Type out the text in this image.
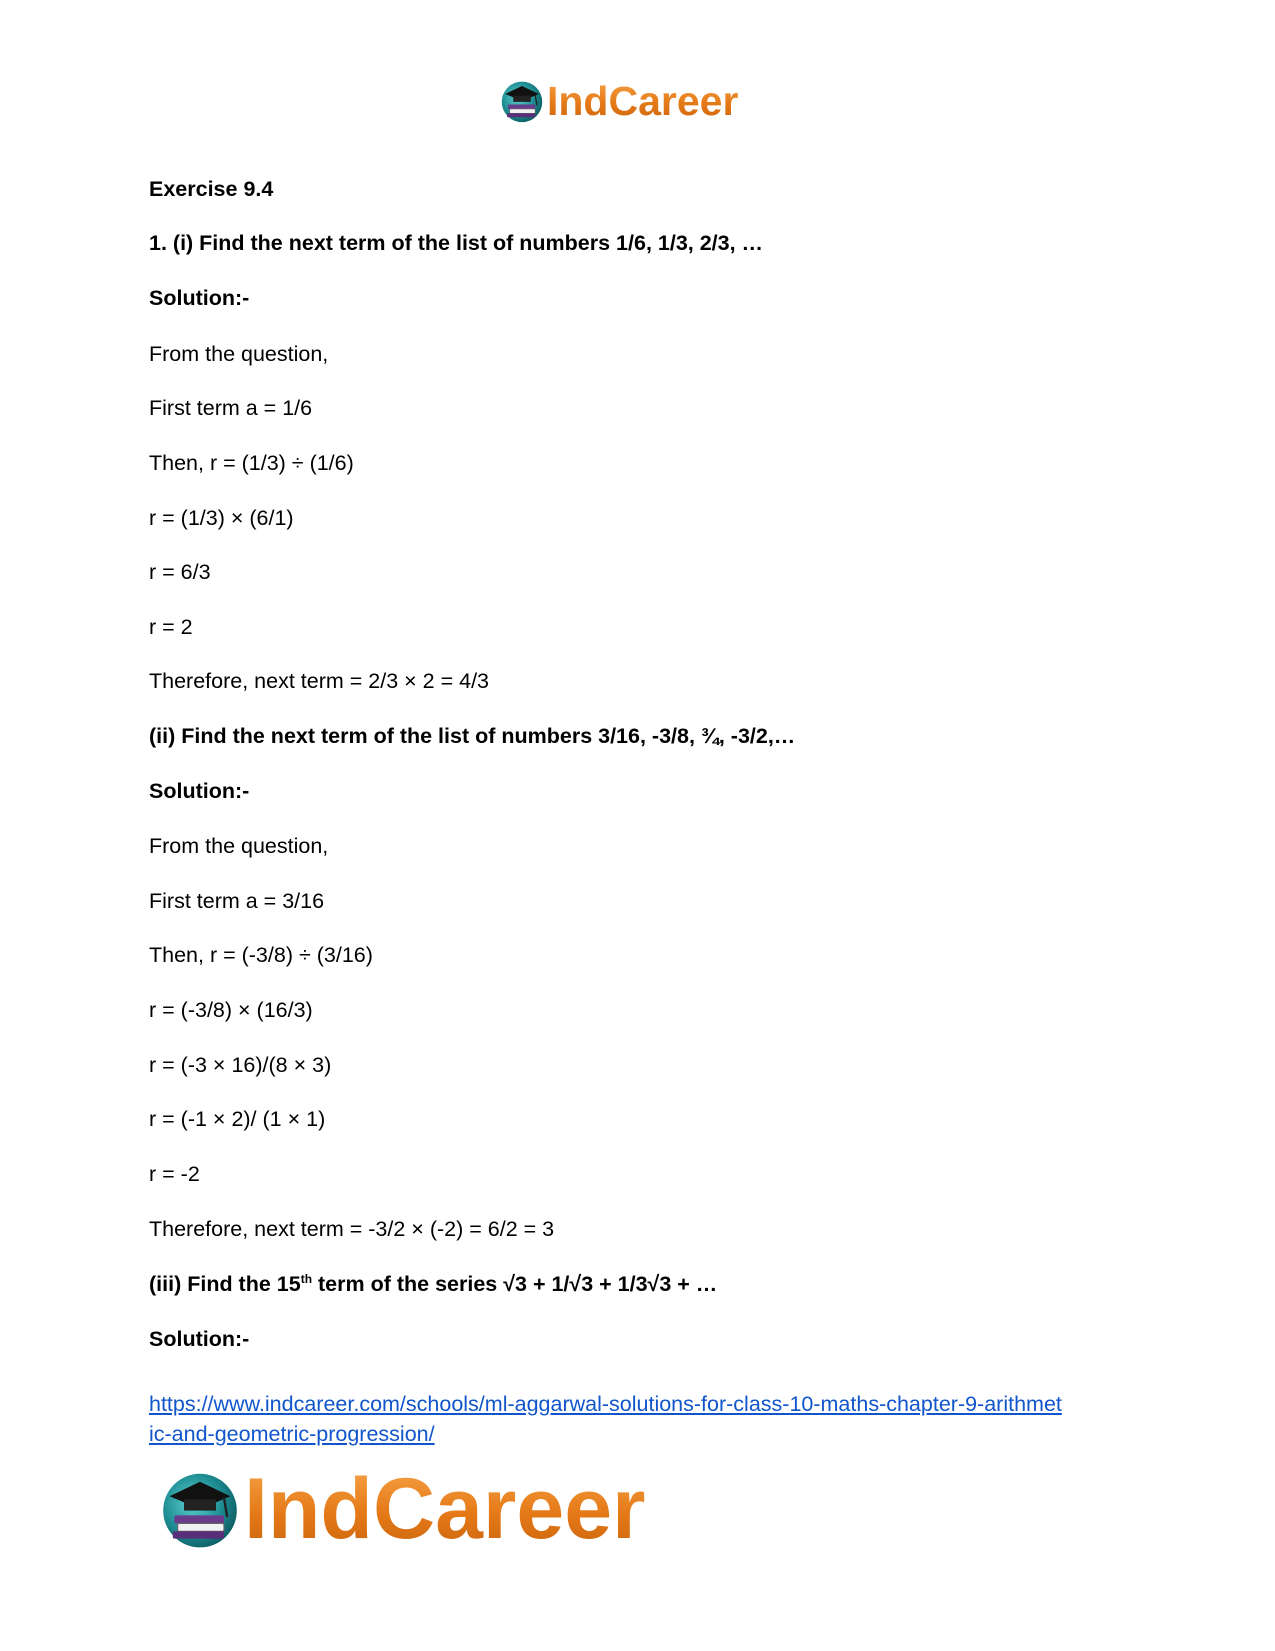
IndCareer
Exercise 9.4
1. (i) Find the next term of the list of numbers 1/6, 1/3, 2/3, …
Solution:-
From the question,
First term a = 1/6
Then, r = (1/3) ÷ (1/6)
r = (1/3) × (6/1)
r = 6/3
r = 2
Therefore, next term = 2/3 × 2 = 4/3
(ii) Find the next term of the list of numbers 3/16, -3/8, ¾, -3/2,…
Solution:-
From the question,
First term a = 3/16
Then, r = (-3/8) ÷ (3/16)
r = (-3/8) × (16/3)
r = (-3 × 16)/(8 × 3)
r = (-1 × 2)/ (1 × 1)
r = -2
Therefore, next term = -3/2 × (-2) = 6/2 = 3
(iii) Find the 15th term of the series √3 + 1/√3 + 1/3√3 + …
Solution:-
https://www.indcareer.com/schools/ml-aggarwal-solutions-for-class-10-maths-chapter-9-arithmet
ic-and-geometric-progression/
IndCareer
